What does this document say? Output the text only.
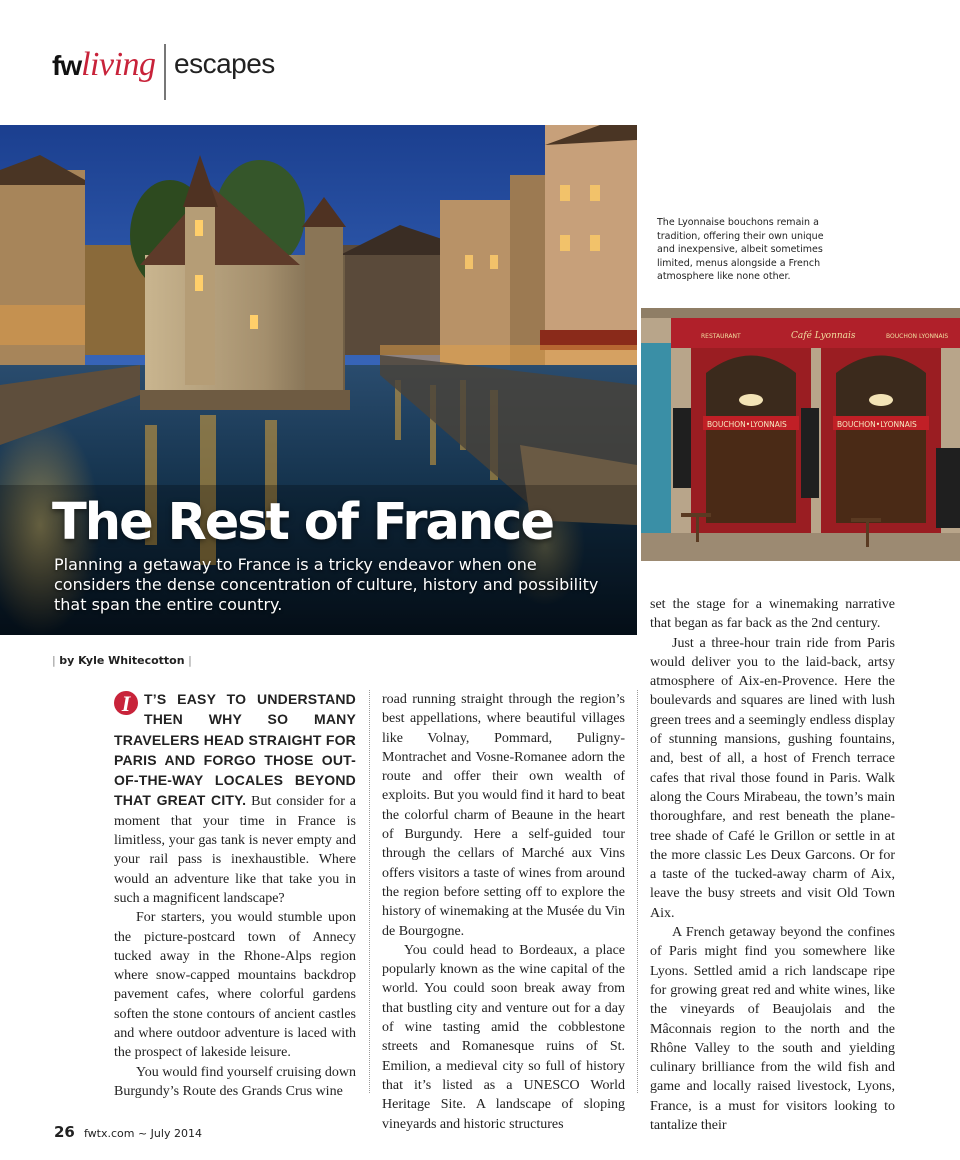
fwliving escapes
The Rest of France
Planning a getaway to France is a tricky endeavor when one considers the dense concentration of culture, history and possibility that span the entire country.
The Lyonnaise bouchons remain a tradition, offering their own unique and inexpensive, albeit sometimes limited, menus alongside a French atmosphere like none other.
RESTAURANT	Café Lyonnais	BOUCHON LYONNAIS
BOUCHON•LYONNAIS	BOUCHON•LYONNAIS
| by Kyle Whitecotton |

I T’S EASY TO UNDERSTAND THEN WHY SO MANY TRAVELERS HEAD STRAIGHT FOR PARIS AND FORGO THOSE OUT-OF-THE-WAY LOCALES BEYOND THAT GREAT CITY. But consider for a moment that your time in France is limitless, your gas tank is never empty and your rail pass is inexhaustible. Where would an adventure like that take you in such a magnificent landscape?

For starters, you would stumble upon the picture-postcard town of Annecy tucked away in the Rhone-Alps region where snow-capped mountains backdrop pavement cafes, where colorful gardens soften the stone contours of ancient castles and where outdoor adventure is laced with the prospect of lakeside leisure.

You would find yourself cruising down Burgundy’s Route des Grands Crus wine

road running straight through the region’s best appellations, where beautiful villages like Volnay, Pommard, Puligny-Montrachet and Vosne-Romanee adorn the route and offer their own wealth of exploits. But you would find it hard to beat the colorful charm of Beaune in the heart of Burgundy. Here a self-guided tour through the cellars of Marché aux Vins offers visitors a taste of wines from around the region before setting off to explore the history of winemaking at the Musée du Vin de Bourgogne.

You could head to Bordeaux, a place popularly known as the wine capital of the world. You could soon break away from that bustling city and venture out for a day of wine tasting amid the cobblestone streets and Romanesque ruins of St. Emilion, a medieval city so full of history that it’s listed as a UNESCO World Heritage Site. A landscape of sloping vineyards and historic structures

set the stage for a winemaking narrative that began as far back as the 2nd century.

Just a three-hour train ride from Paris would deliver you to the laid-back, artsy atmosphere of Aix-en-Provence. Here the boulevards and squares are lined with lush green trees and a seemingly endless display of stunning mansions, gushing fountains, and, best of all, a host of French terrace cafes that rival those found in Paris. Walk along the Cours Mirabeau, the town’s main thoroughfare, and rest beneath the plane-tree shade of Café le Grillon or settle in at the more classic Les Deux Garcons. Or for a taste of the tucked-away charm of Aix, leave the busy streets and visit Old Town Aix.

A French getaway beyond the confines of Paris might find you somewhere like Lyons. Settled amid a rich landscape ripe for growing great red and white wines, like the vineyards of Beaujolais and the Mâconnais region to the north and the Rhône Valley to the south and yielding culinary brilliance from the wild fish and game and locally raised livestock, Lyons, France, is a must for visitors looking to tantalize their

26 fwtx.com ~ July 2014
